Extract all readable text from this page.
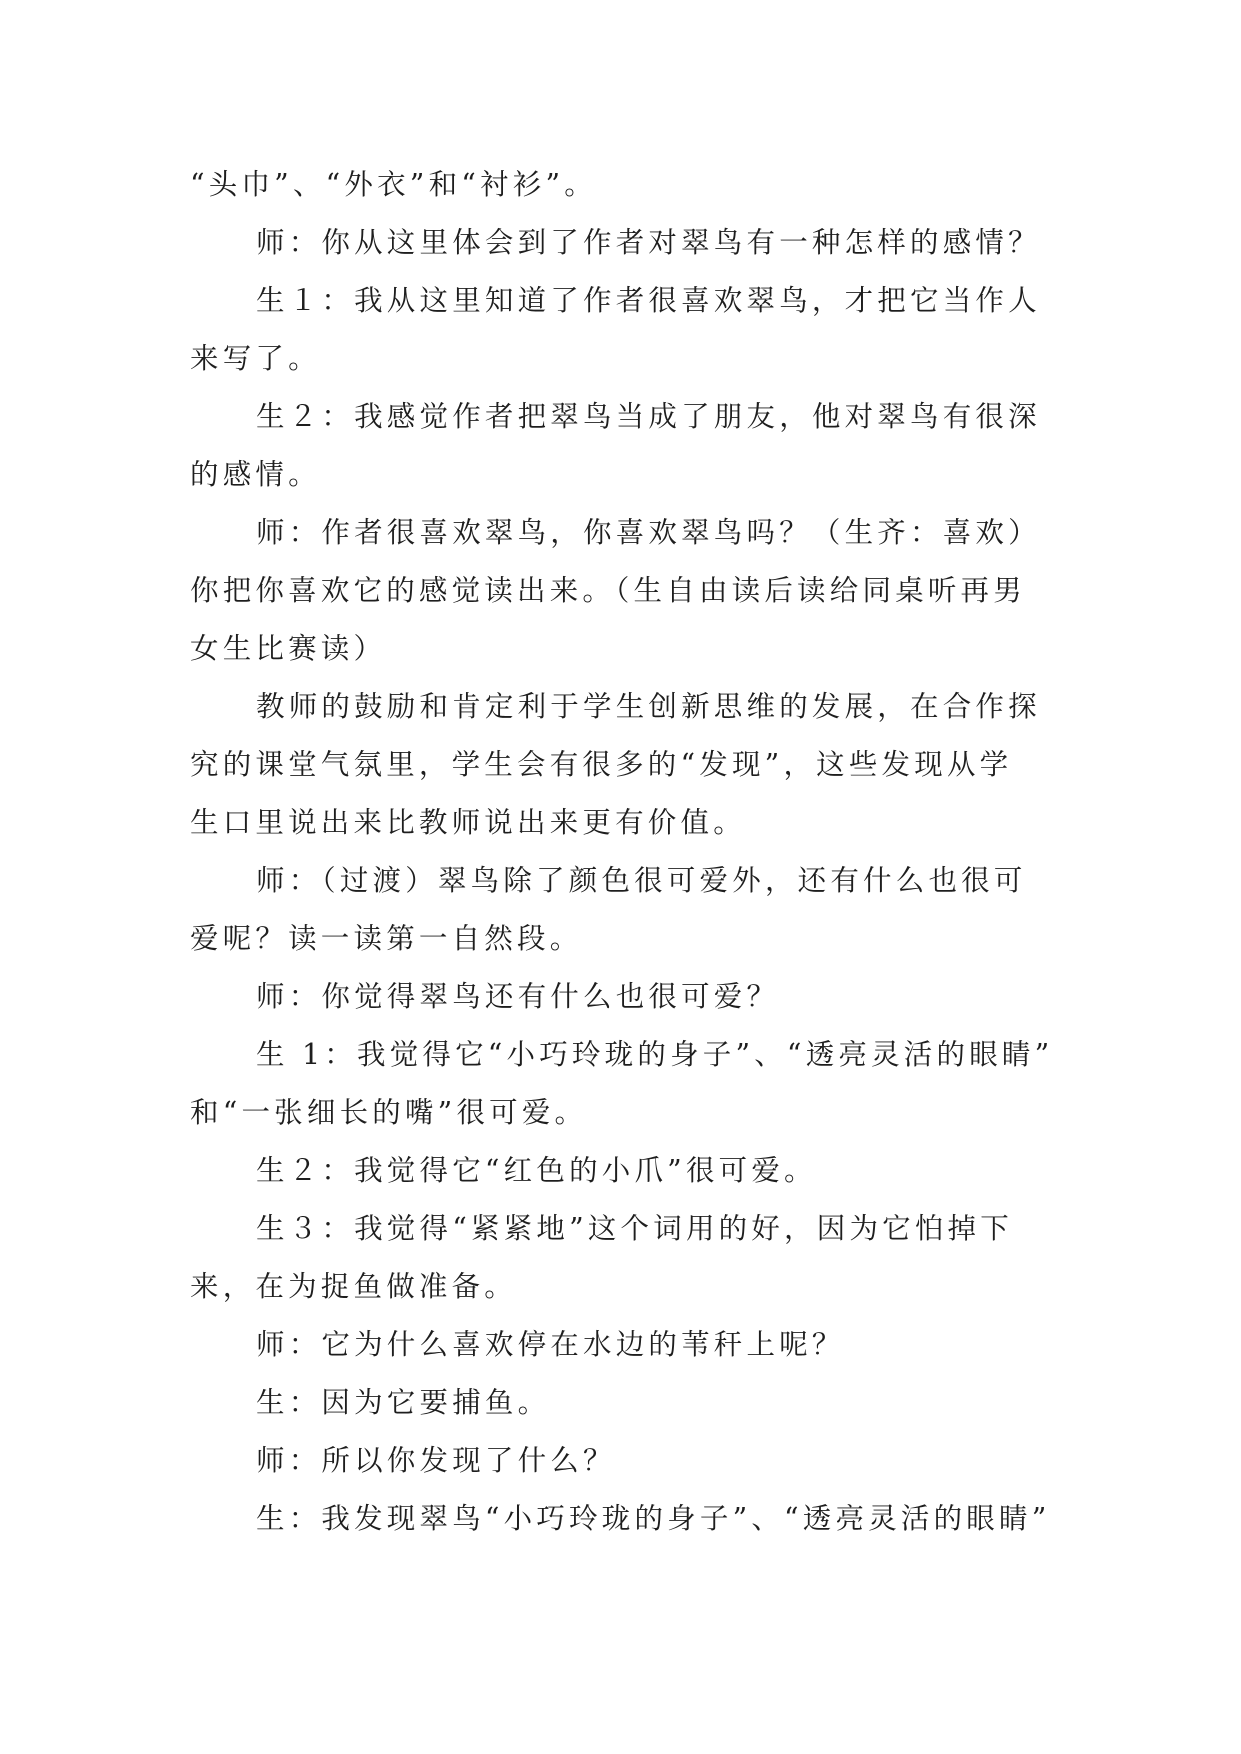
“头巾”、“外衣”和“衬衫”。
师：你从这里体会到了作者对翠鸟有一种怎样的感情？
生１：我从这里知道了作者很喜欢翠鸟，才把它当作人
来写了。
生２：我感觉作者把翠鸟当成了朋友，他对翠鸟有很深
的感情。
师：作者很喜欢翠鸟，你喜欢翠鸟吗？（生齐：喜欢）
你把你喜欢它的感觉读出来。（生自由读后读给同桌听再男
女生比赛读）
教师的鼓励和肯定利于学生创新思维的发展，在合作探
究的课堂气氛里，学生会有很多的“发现”，这些发现从学
生口里说出来比教师说出来更有价值。
师：（过渡）翠鸟除了颜色很可爱外，还有什么也很可
爱呢？读一读第一自然段。
师：你觉得翠鸟还有什么也很可爱？
生 1：我觉得它“小巧玲珑的身子”、“透亮灵活的眼睛”
和“一张细长的嘴”很可爱。
生２：我觉得它“红色的小爪”很可爱。
生３：我觉得“紧紧地”这个词用的好，因为它怕掉下
来，在为捉鱼做准备。
师：它为什么喜欢停在水边的苇秆上呢？
生：因为它要捕鱼。
师：所以你发现了什么？
生：我发现翠鸟“小巧玲珑的身子”、“透亮灵活的眼睛”
